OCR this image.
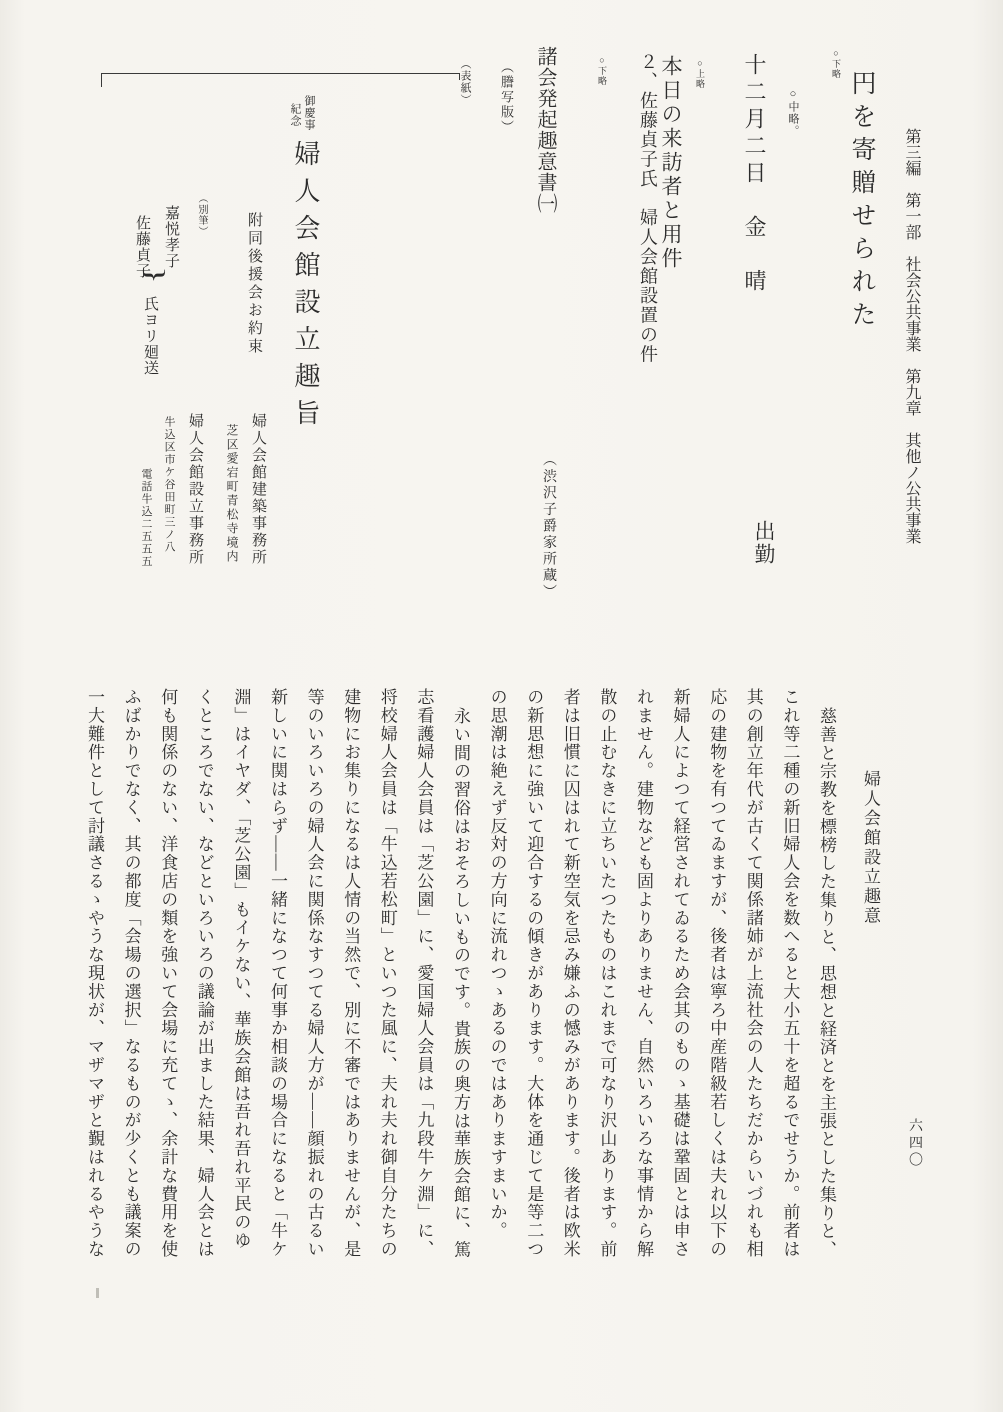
第三編　第一部　社会公共事業　第九章　其他ノ公共事業
円を寄贈せられた
○下略
○中略。
十二月二日　金　晴
出勤
○上略
本日の来訪者と用件
２、佐藤貞子氏　婦人会館設置の件
○下略
諸会発起趣意書㈠
（渋沢子爵家所蔵）
（謄写版）
（表紙）
御慶事
紀念
婦人会館設立趣旨
附同後援会お約束
（別筆）
嘉悦孝子
佐藤貞子
}
氏ヨリ廻送
婦人会館建築事務所
芝区愛宕町青松寺境内
婦人会館設立事務所
牛込区市ケ谷田町三ノ八
電話牛込二五五五
婦人会館設立趣意
慈善と宗教を標榜した集りと、思想と経済とを主張とした集りと、
これ等二種の新旧婦人会を数へると大小五十を超るでせうか。前者は
其の創立年代が古くて関係諸姉が上流社会の人たちだからいづれも相
応の建物を有つてゐますが、後者は寧ろ中産階級若しくは夫れ以下の
新婦人によつて経営されてゐるため会其のものゝ基礎は鞏固とは申さ
れません。建物なども固よりありません、自然いろいろな事情から解
散の止むなきに立ちいたつたものはこれまで可なり沢山あります。前
者は旧慣に囚はれて新空気を忌み嫌ふの憾みがあります。後者は欧米
の新思想に強いて迎合するの傾きがあります。大体を通じて是等二つ
の思潮は絶えず反対の方向に流れつゝあるのではありますまいか。
永い間の習俗はおそろしいものです。貴族の奥方は華族会館に、篤
志看護婦人会員は「芝公園」に、愛国婦人会員は「九段牛ケ淵」に、
将校婦人会員は「牛込若松町」といつた風に、夫れ夫れ御自分たちの
建物にお集りになるは人情の当然で、別に不審ではありませんが、是
等のいろいろの婦人会に関係なすつてる婦人方が――顔振れの古るい
新しいに関はらず――一緒になつて何事か相談の場合になると「牛ケ
淵」はイヤダ、「芝公園」もイケない、華族会館は吾れ吾れ平民のゆ
くところでない、などといろいろの議論が出ました結果、婦人会とは
何も関係のない、洋食店の類を強いて会場に充てゝ、余計な費用を使
ふばかりでなく、其の都度「会場の選択」なるものが少くとも議案の
一大難件として討議さるゝやうな現状が、マザマザと覲はれるやうな	六四〇
